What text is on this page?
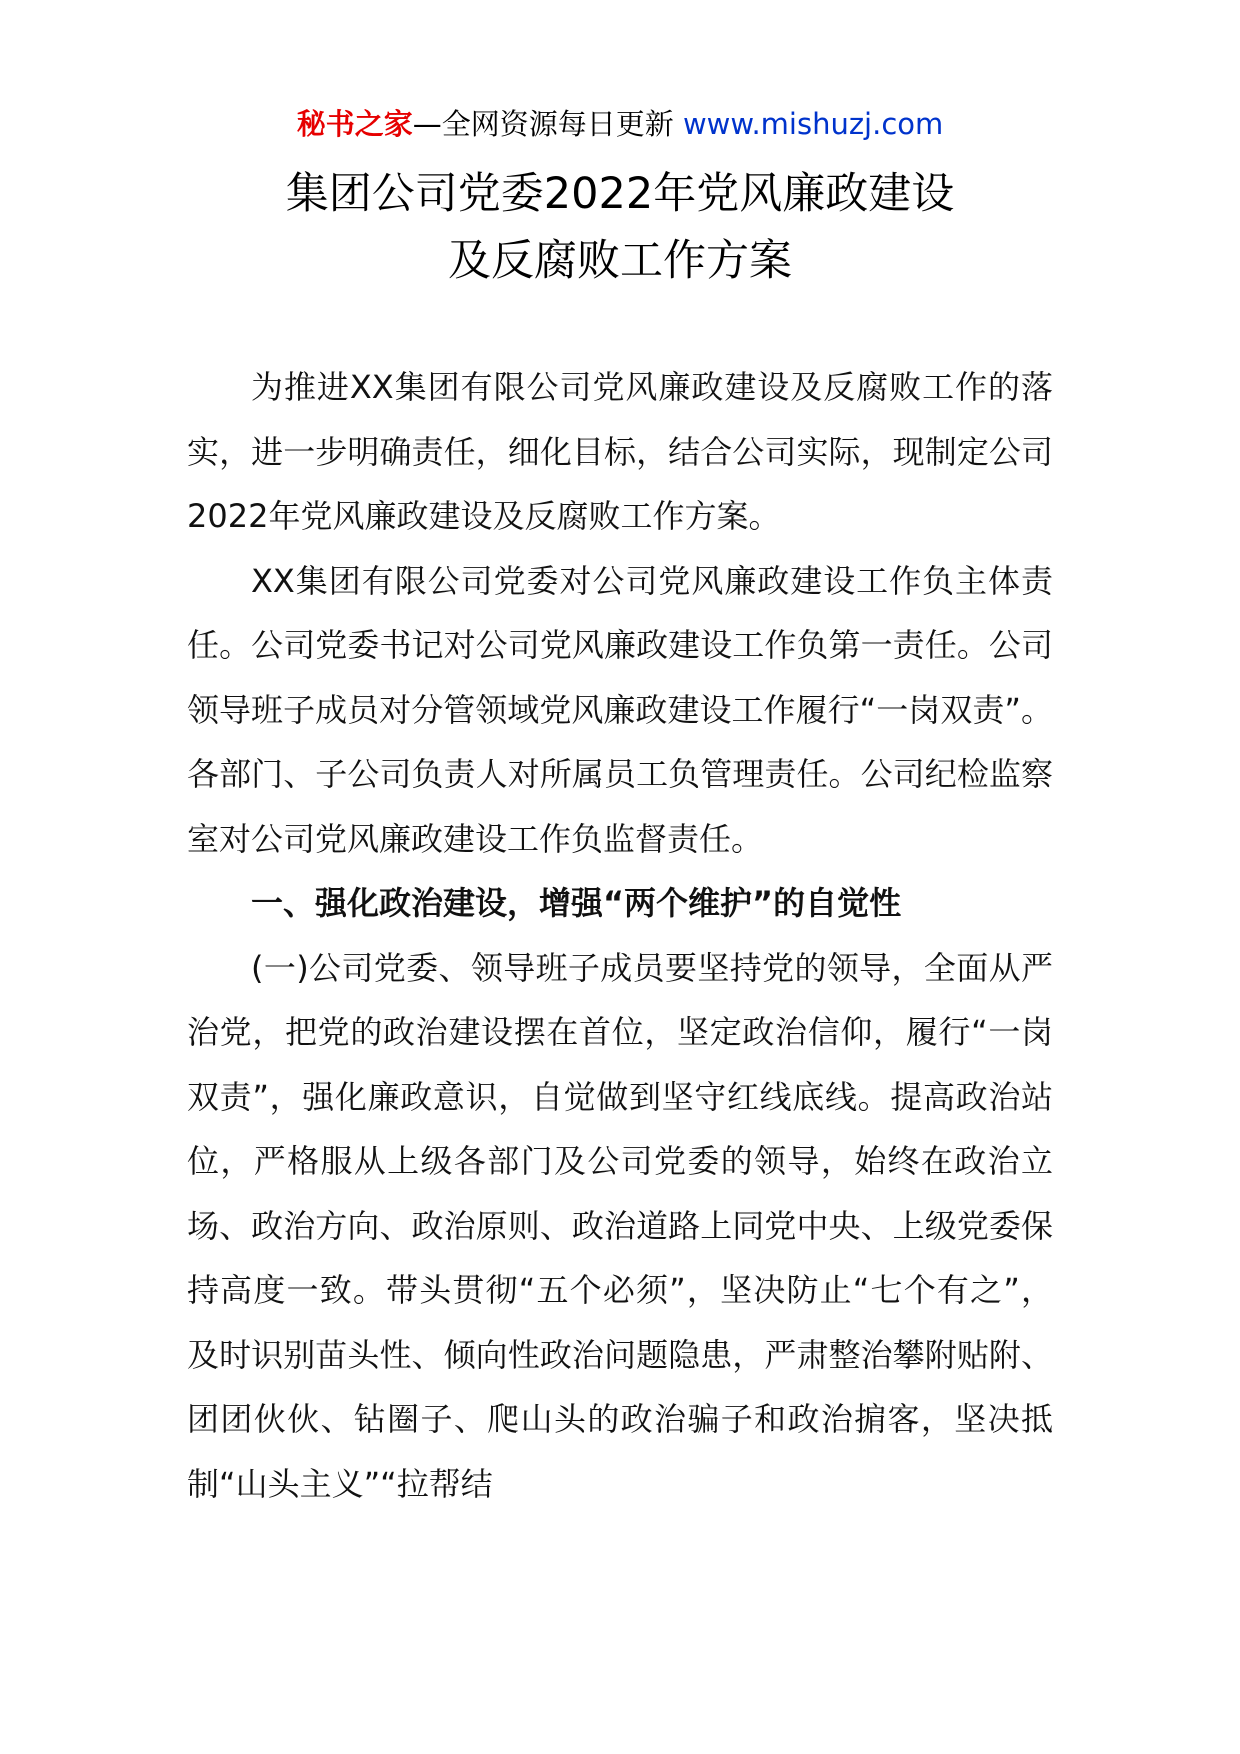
秘书之家—全网资源每日更新 www.mishuzj.com
集团公司党委2022年党风廉政建设
及反腐败工作方案

为推进XX集团有限公司党风廉政建设及反腐败工作的落实，进一步明确责任，细化目标，结合公司实际，现制定公司2022年党风廉政建设及反腐败工作方案。

XX集团有限公司党委对公司党风廉政建设工作负主体责任。公司党委书记对公司党风廉政建设工作负第一责任。公司领导班子成员对分管领域党风廉政建设工作履行“一岗双责”。各部门、子公司负责人对所属员工负管理责任。公司纪检监察室对公司党风廉政建设工作负监督责任。

一、强化政治建设，增强“两个维护”的自觉性

(一)公司党委、领导班子成员要坚持党的领导，全面从严治党，把党的政治建设摆在首位，坚定政治信仰，履行“一岗双责”，强化廉政意识，自觉做到坚守红线底线。提高政治站位，严格服从上级各部门及公司党委的领导，始终在政治立场、政治方向、政治原则、政治道路上同党中央、上级党委保持高度一致。带头贯彻“五个必须”，坚决防止“七个有之”，及时识别苗头性、倾向性政治问题隐患，严肃整治攀附贴附、团团伙伙、钻圈子、爬山头的政治骗子和政治掮客，坚决抵制“山头主义”“拉帮结
